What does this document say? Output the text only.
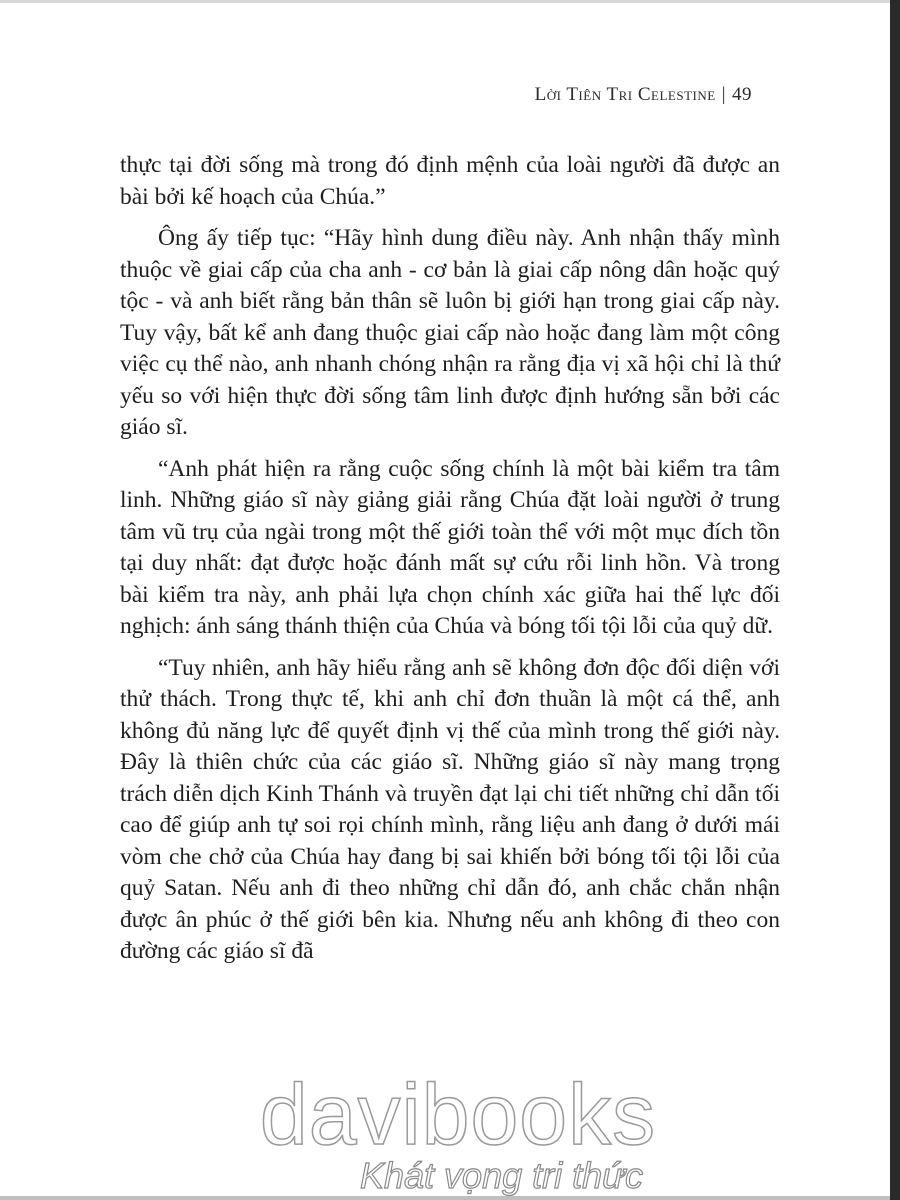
Lời Tiên Tri Celestine | 49

thực tại đời sống mà trong đó định mệnh của loài người đã được an bài bởi kế hoạch của Chúa.”

Ông ấy tiếp tục: “Hãy hình dung điều này. Anh nhận thấy mình thuộc về giai cấp của cha anh - cơ bản là giai cấp nông dân hoặc quý tộc - và anh biết rằng bản thân sẽ luôn bị giới hạn trong giai cấp này. Tuy vậy, bất kể anh đang thuộc giai cấp nào hoặc đang làm một công việc cụ thể nào, anh nhanh chóng nhận ra rằng địa vị xã hội chỉ là thứ yếu so với hiện thực đời sống tâm linh được định hướng sẵn bởi các giáo sĩ.

“Anh phát hiện ra rằng cuộc sống chính là một bài kiểm tra tâm linh. Những giáo sĩ này giảng giải rằng Chúa đặt loài người ở trung tâm vũ trụ của ngài trong một thế giới toàn thể với một mục đích tồn tại duy nhất: đạt được hoặc đánh mất sự cứu rỗi linh hồn. Và trong bài kiểm tra này, anh phải lựa chọn chính xác giữa hai thế lực đối nghịch: ánh sáng thánh thiện của Chúa và bóng tối tội lỗi của quỷ dữ.

“Tuy nhiên, anh hãy hiểu rằng anh sẽ không đơn độc đối diện với thử thách. Trong thực tế, khi anh chỉ đơn thuần là một cá thể, anh không đủ năng lực để quyết định vị thế của mình trong thế giới này. Đây là thiên chức của các giáo sĩ. Những giáo sĩ này mang trọng trách diễn dịch Kinh Thánh và truyền đạt lại chi tiết những chỉ dẫn tối cao để giúp anh tự soi rọi chính mình, rằng liệu anh đang ở dưới mái vòm che chở của Chúa hay đang bị sai khiến bởi bóng tối tội lỗi của quỷ Satan. Nếu anh đi theo những chỉ dẫn đó, anh chắc chắn nhận được ân phúc ở thế giới bên kia. Nhưng nếu anh không đi theo con đường các giáo sĩ đã

davibooks
Khát vọng tri thức
